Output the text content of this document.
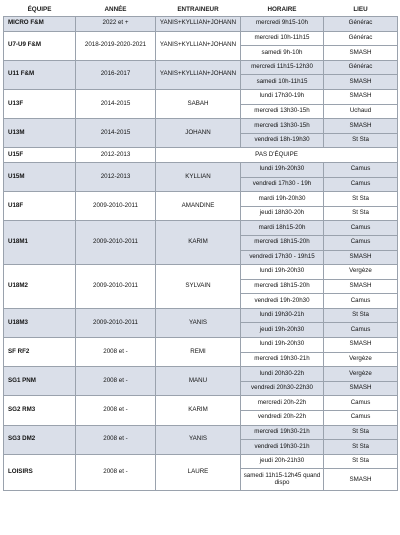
ÉQUIPE	ANNÉE	ENTRAINEUR	HORAIRE	LIEU
MICRO F&M	2022 et +	YANIS+KYLLIAN+JOHANN	mercredi 9h15-10h	Générac
U7-U9 F&M	2018-2019-2020-2021	YANIS+KYLLIAN+JOHANN	mercredi 10h-11h15	Générac
			samedi 9h-10h	SMASH
U11 F&M	2016-2017	YANIS+KYLLIAN+JOHANN	mercredi 11h15-12h30	Générac
			samedi 10h-11h15	SMASH
U13F	2014-2015	SABAH	lundi 17h30-19h	SMASH
			mercredi 13h30-15h	Uchaud
U13M	2014-2015	JOHANN	mercredi 13h30-15h	SMASH
			vendredi 18h-19h30	St Sta
U15F	2012-2013	PAS D'ÉQUIPE		
U15M	2012-2013	KYLLIAN	lundi 19h-20h30	Camus
			vendredi 17h30 - 19h	Camus
U18F	2009-2010-2011	AMANDINE	mardi 19h-20h30	St Sta
			jeudi 18h30-20h	St Sta
U18M1	2009-2010-2011	KARIM	mardi 18h15-20h	Camus
			mercredi 18h15-20h	Camus
			vendredi 17h30 - 19h15	SMASH
U18M2	2009-2010-2011	SYLVAIN	lundi 19h-20h30	Vergèze
			mercredi 18h15-20h	SMASH
			vendredi 19h-20h30	Camus
U18M3	2009-2010-2011	YANIS	lundi 19h30-21h	St Sta
			jeudi 19h-20h30	Camus
SF RF2	2008 et -	REMI	lundi 19h-20h30	SMASH
			mercredi 19h30-21h	Vergèze
SG1 PNM	2008 et -	MANU	lundi 20h30-22h	Vergèze
			vendredi 20h30-22h30	SMASH
SG2 RM3	2008 et -	KARIM	mercredi 20h-22h	Camus
			vendredi 20h-22h	Camus
SG3 DM2	2008 et -	YANIS	mercredi 19h30-21h	St Sta
			vendredi 19h30-21h	St Sta
LOISIRS	2008 et -	LAURE	jeudi 20h-21h30	St Sta
			samedi 11h15-12h45 quand dispo	SMASH
